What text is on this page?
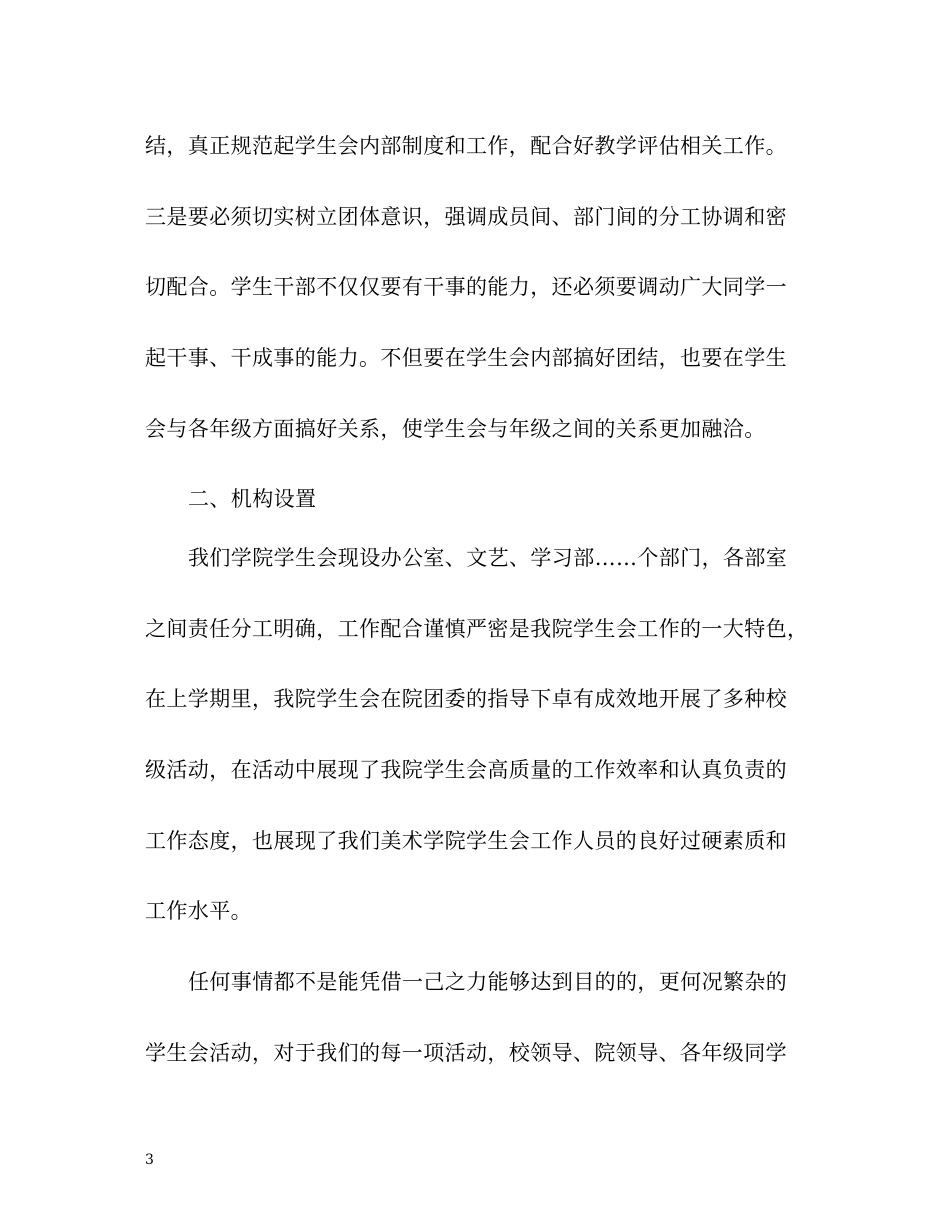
结，真正规范起学生会内部制度和工作，配合好教学评估相关工作。
三是要必须切实树立团体意识，强调成员间、部门间的分工协调和密
切配合。学生干部不仅仅要有干事的能力，还必须要调动广大同学一
起干事、干成事的能力。不但要在学生会内部搞好团结，也要在学生
会与各年级方面搞好关系，使学生会与年级之间的关系更加融洽。
二、机构设置
我们学院学生会现设办公室、文艺、学习部……个部门，各部室
之间责任分工明确，工作配合谨慎严密是我院学生会工作的一大特色，
在上学期里，我院学生会在院团委的指导下卓有成效地开展了多种校
级活动，在活动中展现了我院学生会高质量的工作效率和认真负责的
工作态度，也展现了我们美术学院学生会工作人员的良好过硬素质和
工作水平。
任何事情都不是能凭借一己之力能够达到目的的，更何况繁杂的
学生会活动，对于我们的每一项活动，校领导、院领导、各年级同学
3
